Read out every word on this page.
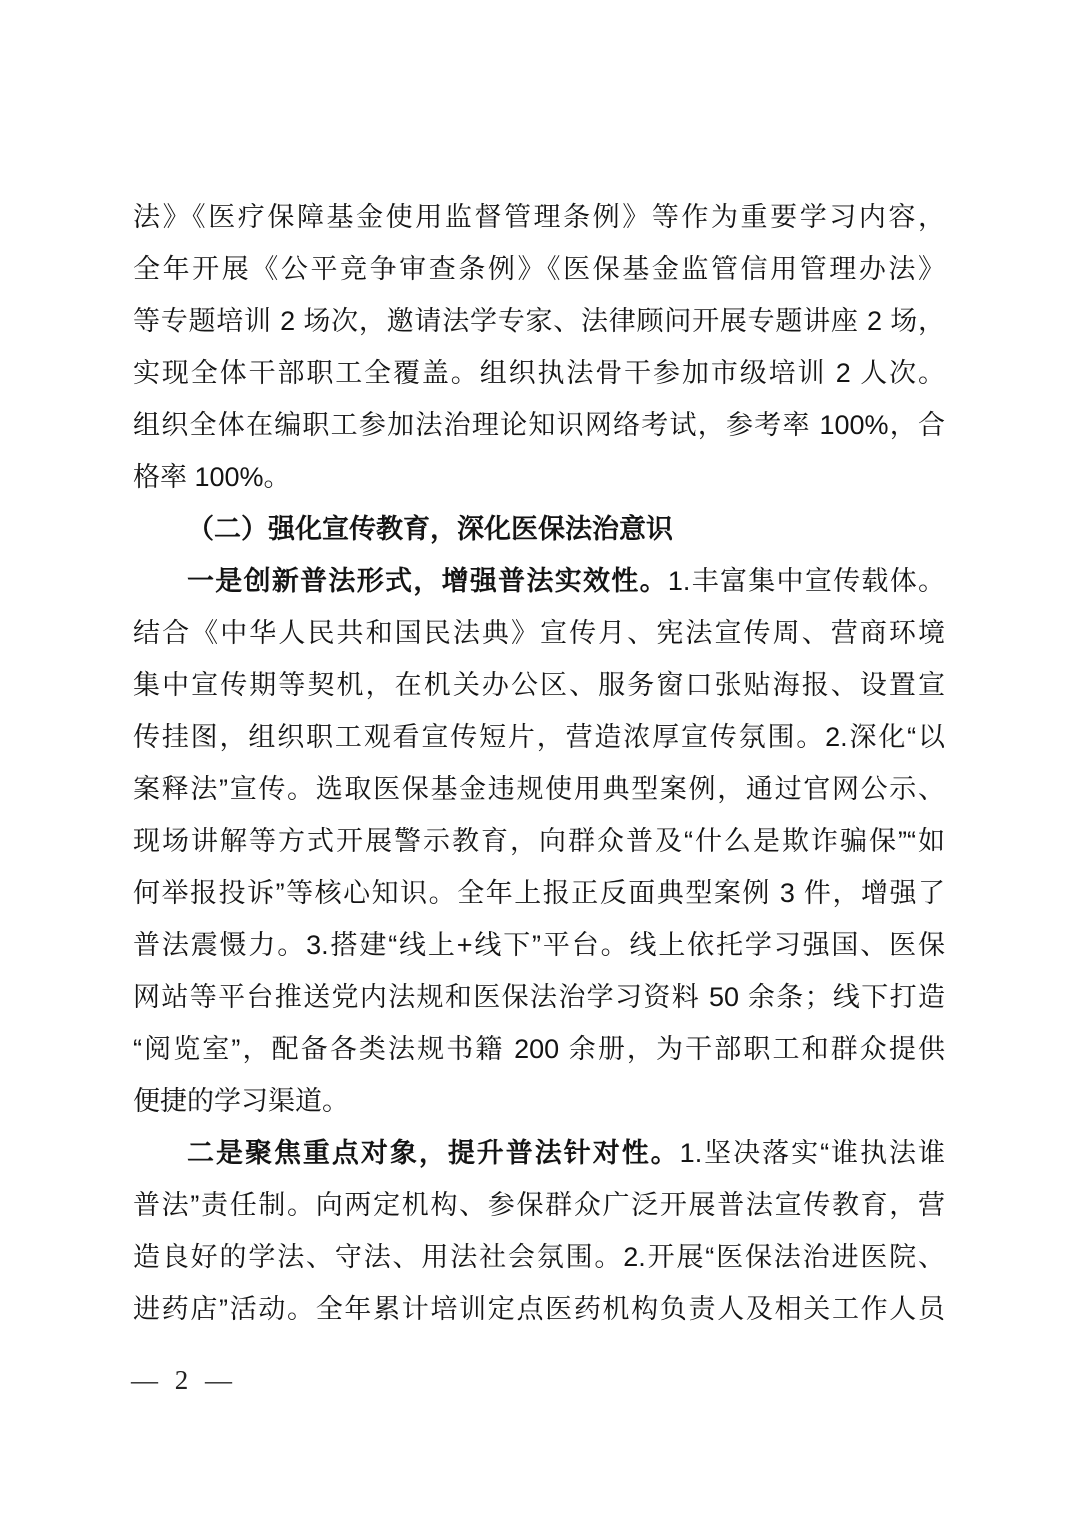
法》《医疗保障基金使用监督管理条例》等作为重要学习内容，
全年开展《公平竞争审查条例》《医保基金监管信用管理办法》
等专题培训 2 场次，邀请法学专家、法律顾问开展专题讲座 2 场，
实现全体干部职工全覆盖。组织执法骨干参加市级培训 2 人次。
组织全体在编职工参加法治理论知识网络考试，参考率 100%，合
格率 100%。
（二）强化宣传教育，深化医保法治意识
一是创新普法形式，增强普法实效性。1.丰富集中宣传载体。
结合《中华人民共和国民法典》宣传月、宪法宣传周、营商环境
集中宣传期等契机，在机关办公区、服务窗口张贴海报、设置宣
传挂图，组织职工观看宣传短片，营造浓厚宣传氛围。2.深化“以
案释法”宣传。选取医保基金违规使用典型案例，通过官网公示、
现场讲解等方式开展警示教育，向群众普及“什么是欺诈骗保”“如
何举报投诉”等核心知识。全年上报正反面典型案例 3 件，增强了
普法震慑力。3.搭建“线上+线下”平台。线上依托学习强国、医保
网站等平台推送党内法规和医保法治学习资料 50 余条；线下打造
“阅览室”，配备各类法规书籍 200 余册，为干部职工和群众提供
便捷的学习渠道。
二是聚焦重点对象，提升普法针对性。1.坚决落实“谁执法谁
普法”责任制。向两定机构、参保群众广泛开展普法宣传教育，营
造良好的学法、守法、用法社会氛围。2.开展“医保法治进医院、
进药店”活动。全年累计培训定点医药机构负责人及相关工作人员
— 2 —
